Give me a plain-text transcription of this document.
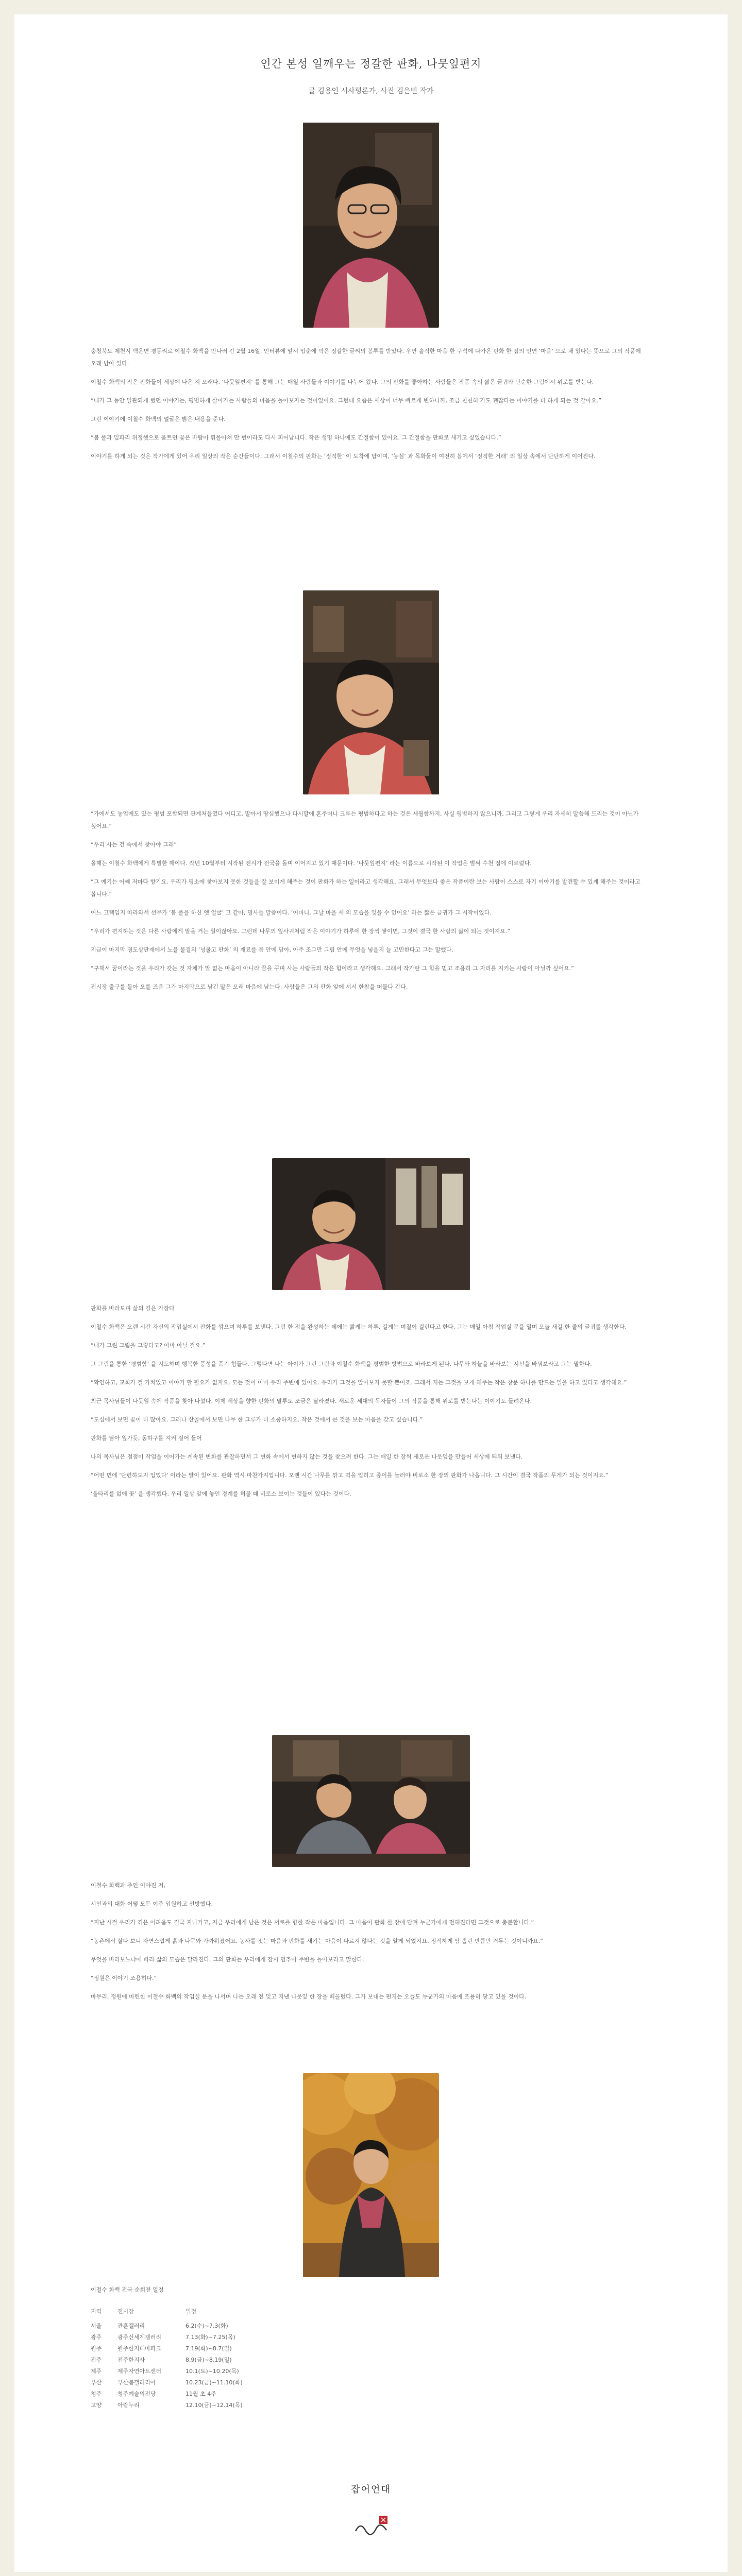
인간 본성 일깨우는 정갈한 판화, 나뭇잎편지
글 김용인 시사평론가, 사진 김은빈 작가

충청북도 제천시 백운면 평동리로 이철수 화백을 만나러 간 2월 16일, 인터뷰에 앞서 입춘에 막은 정갈한 글씨의 봉투를 받았다. 우연 솔직한 마음 한 구석에 다가온 판화 한 점의 인연 ‘마음’ 으로 채 있다는 뜻으로 그의 작품에 오래 남아 있다.

이철수 화백의 작은 판화들이 세상에 나온 지 오래다. ‘나뭇잎편지’ 를 통해 그는 매일 사람들과 이야기를 나누어 왔다. 그의 판화를 좋아하는 사람들은 작품 속의 짧은 글귀와 단순한 그림에서 위로를 받는다.

“내가 그 동안 일관되게 했던 이야기는, 평범하게 살아가는 사람들의 마음을 돌아보자는 것이었어요. 그런데 요즘은 세상이 너무 빠르게 변하니까, 조금 천천히 가도 괜찮다는 이야기를 더 하게 되는 것 같아요.”

그런 이야기에 이철수 화백의 얼굴은 밝은 내용을 준다.

“봄 풀과 잎파리 위정햇으로 움트던 꽃은 바람이 휘몰아쳐 만 번이라도 다시 피어납니다. 작은 생명 하나에도 간절함이 있어요. 그 간절함을 판화로 새기고 싶었습니다.”

이야기를 하게 되는 것은 작가에게 있어 우리 일상의 작은 순간들이다. 그래서 이철수의 판화는 ‘정직한’ 이 도착에 답이며, ‘농심’ 과 목화물이 여전히 봄에서 ‘정직한 거래’ 의 일상 속에서 단단하게 이어진다.

“가에서도 농업에도 있는 평범 포함되면 관계처들였다 어디고, 말아서 땅심했으나 다시말에 혼주머니 크루는 평범하다고 하는 것은 세월함까지, 사실 평범하지 않으니까, 그리고 그렇게 우리 자세히 말씀해 드리는 것이 아닌가 싶어요.”

“우리 사는 건 속에서 찾아야 그래”

올해는 이철수 화백에게 특별한 해이다. 작년 10월부터 시작된 전시가 전국을 돌며 이어지고 있기 때문이다. ‘나뭇잎편지’ 라는 이름으로 시작된 이 작업은 벌써 수천 점에 이르렀다.

“그 예기는 어째 저마다 향기요. 우리가 평소에 찾아보지 못한 것들을 잘 보이게 해주는 것이 판화가 하는 일이라고 생각해요. 그래서 무엇보다 좋은 작품이란 보는 사람이 스스로 자기 이야기를 발견할 수 있게 해주는 것이라고 봅니다.”

어느 고택입지 따라와서 선무가 ‘봄 풀을 하신 옛 얼굴’ 고 같아, 명사들 말씀이다. ‘어머니, 그날 마을 세 의 모습을 잊을 수 없어요’ 라는 짧은 글귀가 그 시작이었다.

“우리가 편지하는 것은 다른 사람에게 말을 거는 일이잖아요. 그런데 나무의 잎사귀처럼 작은 이야기가 하루에 한 장씩 쌓이면, 그것이 결국 한 사람의 삶이 되는 것이지요.”

지금이 마지막 명도상판재에서 노을 물결의 ‘넝쿨고 판화’ 의 재료를 몸 안에 담아, 아주 조그만 그림 안에 무엇을 넣을지 늘 고민한다고 그는 말했다.

“구해서 꿈이라는 것을 우리가 갖는 것 자체가 말 없는 마음이 아니라 꿈을 꾸며 사는 사람들의 작은 힘이라고 생각해요. 그래서 작가란 그 힘을 믿고 조용히 그 자리를 지키는 사람이 아닐까 싶어요.”

전시장 출구를 돌아 오를 즈음 그가 마지막으로 남긴 말은 오래 마음에 남는다. 사람들은 그의 판화 앞에 서서 한참을 머물다 간다.

판화를 바라보며 삶의 길은 가장다

이철수 화백은 오랜 시간 자신의 작업실에서 판화를 깎으며 하루를 보낸다. 그림 한 점을 완성하는 데에는 짧게는 하루, 길게는 며칠이 걸린다고 한다. 그는 매일 아침 작업실 문을 열며 오늘 새길 한 줄의 글귀를 생각한다.

“내가 그린 그림을 그렇다고? 아마 아닐 걸요.”

그 그림을 통한 ‘평범함’ 을 지도하며 행복한 풍성을 품기 힘들다. 그렇다면 나는 아이가 그린 그림과 이철수 화백을 평범한 방법으로 바라보게 된다. 나무와 하늘을 바라보는 시선을 바꿔보라고 그는 말한다.

“확인하고, 교회가 걸 가치있고 이야기 할 필요가 없지요. 모든 것이 이미 우리 주변에 있어요. 우리가 그것을 알아보지 못할 뿐이죠. 그래서 저는 그것을 보게 해주는 작은 창문 하나를 만드는 일을 하고 있다고 생각해요.”

최근 목사님들이 나뭇잎 속에 작품을 찾아 나섰다. 이제 세상을 향한 판화의 말투도 조금은 달라졌다. 새로운 세대의 독자들이 그의 작품을 통해 위로를 받는다는 이야기도 들려온다.

“도심에서 보면 꽃이 더 많아요. 그러나 산골에서 보면 나무 한 그루가 더 소중하지요. 작은 것에서 큰 것을 보는 마음을 갖고 싶습니다.”

판화를 닮아 잎가듯, 동하구를 지켜 걸어 들어

나의 목사님은 점점이 작업을 이어가는 계속된 변화를 관찰하면서 그 변화 속에서 변하지 않는 것을 찾으려 한다. 그는 매일 한 장씩 새로운 나뭇잎을 만들어 세상에 띄워 보낸다.

“어떤 면에 ‘단련하도지 입었다’ 이라는 말이 있어요. 판화 역시 마찬가지입니다. 오랜 시간 나무를 깎고 먹을 입히고 종이를 눌러야 비로소 한 장의 판화가 나옵니다. 그 시간이 결국 작품의 무게가 되는 것이지요.”

‘울타리를 없애 꽃’ 을 생각했다. 우리 일상 앞에 놓인 경계를 허물 때 비로소 보이는 것들이 있다는 것이다.

이철수 화백과 주인 이야진 저,

시인과의 대화 어떻 모든 이주 입원하고 선방했다.

“지난 시절 우리가 겪은 어려움도 결국 지나가고, 지금 우리에게 남은 것은 서로를 향한 작은 마음입니다. 그 마음이 판화 한 장에 담겨 누군가에게 전해진다면 그것으로 충분합니다.”

“농촌에서 살다 보니 자연스럽게 흙과 나무와 가까워졌어요. 농사를 짓는 마음과 판화를 새기는 마음이 다르지 않다는 것을 알게 되었지요. 정직하게 땀 흘린 만큼만 거두는 것이니까요.”

무엇을 바라보느냐에 따라 삶의 모습은 달라진다. 그의 판화는 우리에게 잠시 멈추어 주변을 돌아보라고 말한다.

“정원은 이야기 조용히다.”

마무리, 정원에 마련한 이철수 화백의 작업실 문을 나서며 나는 오래 전 잊고 지낸 나뭇잎 한 장을 떠올렸다. 그가 보내는 편지는 오늘도 누군가의 마음에 조용히 닿고 있을 것이다.

이철수 화백 전국 순회전 일정
지역	전시장	일정
서울	관훈갤러리	6.2(수)~7.3(화)
광주	광주신세계갤러리	7.13(화)~7.25(목)
원주	원주한지테마파크	7.19(화)~8.7(일)
전주	전주한지사	8.9(금)~8.19(일)
제주	제주자연아트센터	10.1(토)~10.20(목)
부산	부산봄갤러리아	10.23(금)~11.10(화)
청주	청주예술의전당	11월 초 4주
고양	아람누리	12.10(금)~12.14(목)
잡어언대
